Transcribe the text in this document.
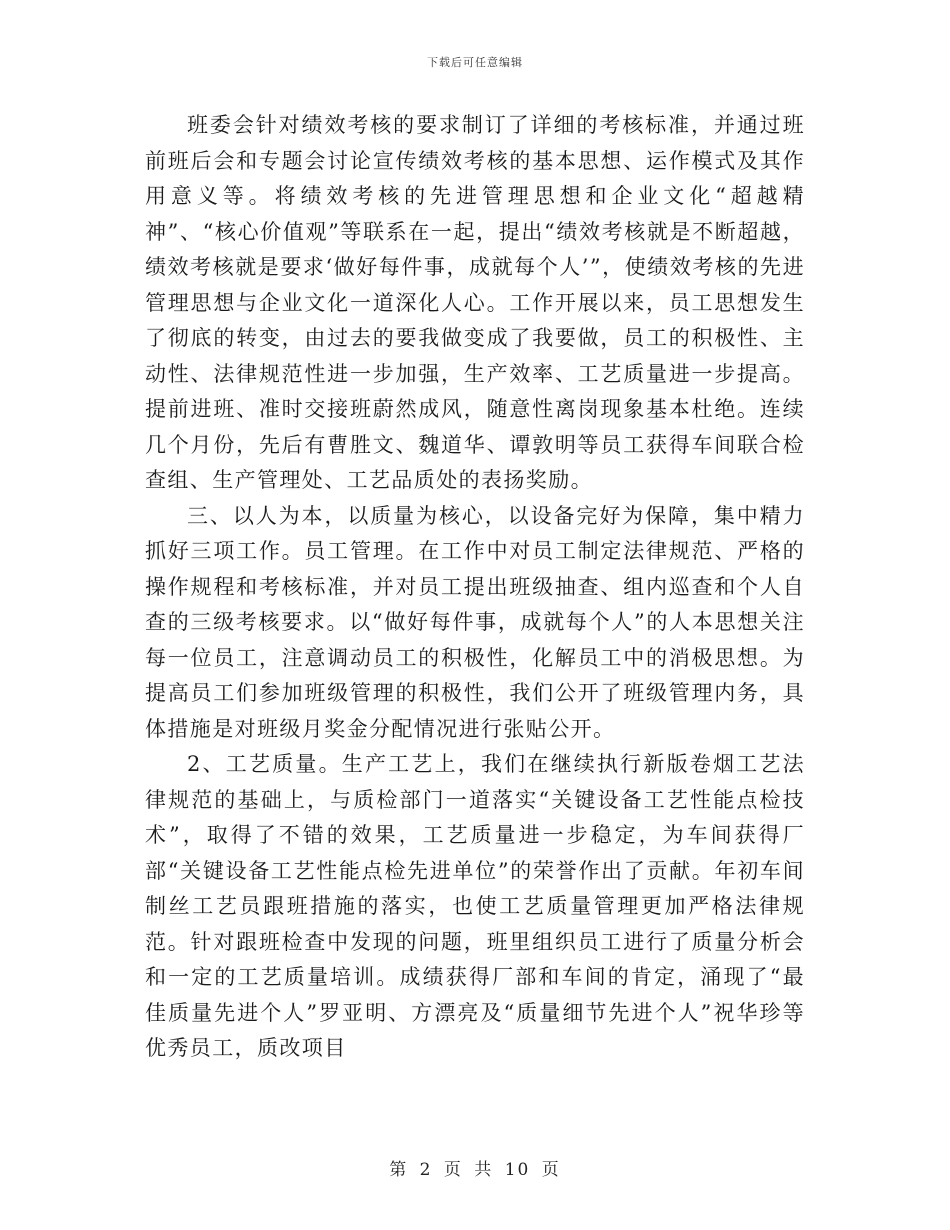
下载后可任意编辑

班委会针对绩效考核的要求制订了详细的考核标准，并通过班前班后会和专题会讨论宣传绩效考核的基本思想、运作模式及其作用意义等。将绩效考核的先进管理思想和企业文化“超越精神”、“核心价值观”等联系在一起，提出“绩效考核就是不断超越，绩效考核就是要求‘做好每件事，成就每个人’”，使绩效考核的先进管理思想与企业文化一道深化人心。工作开展以来，员工思想发生了彻底的转变，由过去的要我做变成了我要做，员工的积极性、主动性、法律规范性进一步加强，生产效率、工艺质量进一步提高。提前进班、准时交接班蔚然成风，随意性离岗现象基本杜绝。连续几个月份，先后有曹胜文、魏道华、谭敦明等员工获得车间联合检查组、生产管理处、工艺品质处的表扬奖励。

三、以人为本，以质量为核心，以设备完好为保障，集中精力抓好三项工作。员工管理。在工作中对员工制定法律规范、严格的操作规程和考核标准，并对员工提出班级抽查、组内巡查和个人自查的三级考核要求。以“做好每件事，成就每个人”的人本思想关注每一位员工，注意调动员工的积极性，化解员工中的消极思想。为提高员工们参加班级管理的积极性，我们公开了班级管理内务，具体措施是对班级月奖金分配情况进行张贴公开。

2、工艺质量。生产工艺上，我们在继续执行新版卷烟工艺法律规范的基础上，与质检部门一道落实“关键设备工艺性能点检技术”，取得了不错的效果，工艺质量进一步稳定，为车间获得厂部“关键设备工艺性能点检先进单位”的荣誉作出了贡献。年初车间制丝工艺员跟班措施的落实，也使工艺质量管理更加严格法律规范。针对跟班检查中发现的问题，班里组织员工进行了质量分析会和一定的工艺质量培训。成绩获得厂部和车间的肯定，涌现了“最佳质量先进个人”罗亚明、方漂亮及“质量细节先进个人”祝华珍等优秀员工，质改项目

第 2 页 共 10 页
